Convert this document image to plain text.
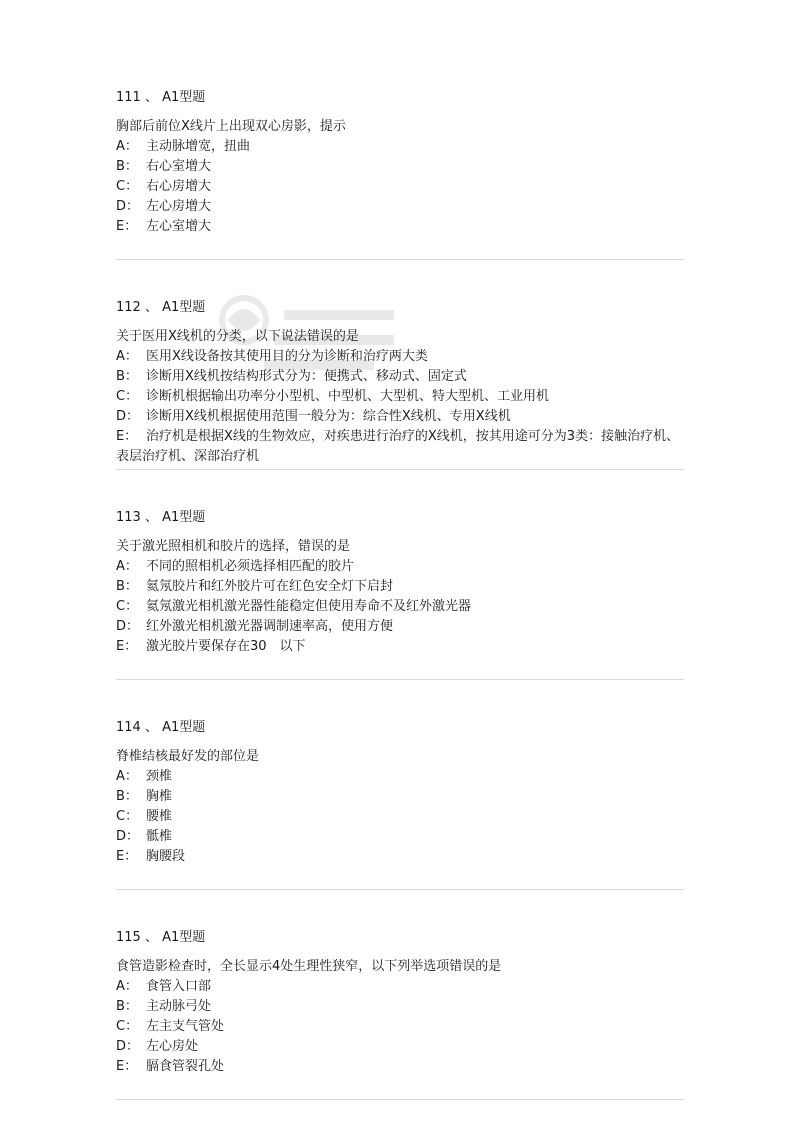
111 、 A1型题
胸部后前位X线片上出现双心房影，提示
A： 主动脉增宽，扭曲
B： 右心室增大
C： 右心房增大
D： 左心房增大
E： 左心室增大
112 、 A1型题
关于医用X线机的分类，以下说法错误的是
A： 医用X线设备按其使用目的分为诊断和治疗两大类
B： 诊断用X线机按结构形式分为：便携式、移动式、固定式
C： 诊断机根据输出功率分小型机、中型机、大型机、特大型机、工业用机
D： 诊断用X线机根据使用范围一般分为：综合性X线机、专用X线机
E： 治疗机是根据X线的生物效应，对疾患进行治疗的X线机，按其用途可分为3类：接触治疗机、表层治疗机、深部治疗机
113 、 A1型题
关于激光照相机和胶片的选择，错误的是
A： 不同的照相机必须选择相匹配的胶片
B： 氦氖胶片和红外胶片可在红色安全灯下启封
C： 氦氖激光相机激光器性能稳定但使用寿命不及红外激光器
D： 红外激光相机激光器调制速率高，使用方便
E： 激光胶片要保存在30　以下
114 、 A1型题
脊椎结核最好发的部位是
A： 颈椎
B： 胸椎
C： 腰椎
D： 骶椎
E： 胸腰段
115 、 A1型题
食管造影检查时，全长显示4处生理性狭窄，以下列举选项错误的是
A： 食管入口部
B： 主动脉弓处
C： 左主支气管处
D： 左心房处
E： 膈食管裂孔处
